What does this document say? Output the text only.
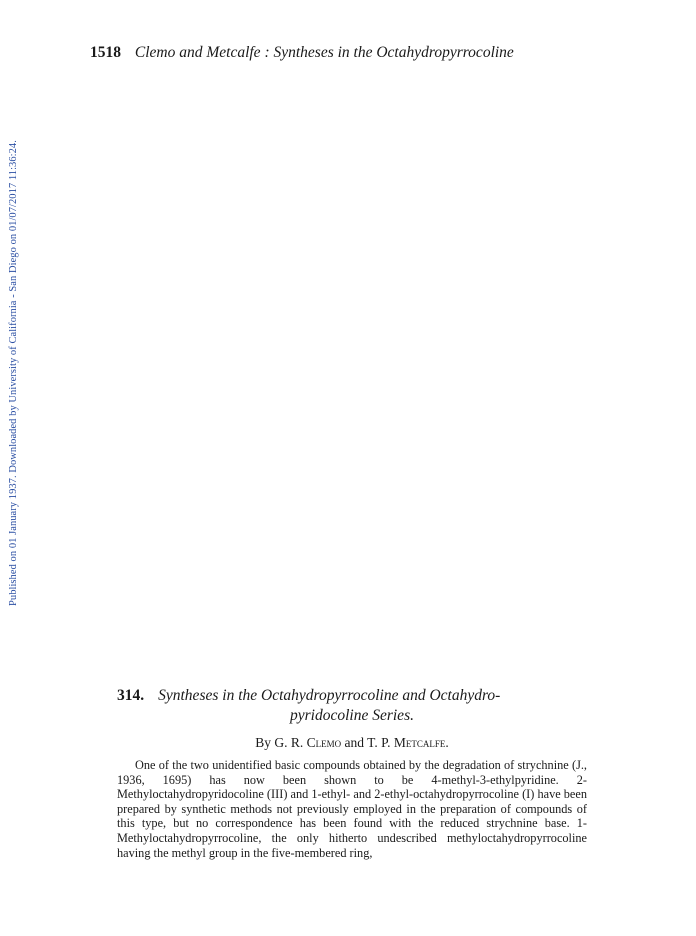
1518 Clemo and Metcalfe : Syntheses in the Octahydropyrrocoline
Published on 01 January 1937. Downloaded by University of California - San Diego on 01/07/2017 11:36:24.
314. Syntheses in the Octahydropyrrocoline and Octahydro-
pyridocoline Series.
By G. R. Clemo and T. P. Metcalfe.

One of the two unidentified basic compounds obtained by the degradation of strychnine (J., 1936, 1695) has now been shown to be 4-methyl-3-ethylpyridine. 2-Methyloctahydropyridocoline (III) and 1-ethyl- and 2-ethyl-octahydropyrrocoline (I) have been prepared by synthetic methods not previously employed in the preparation of compounds of this type, but no correspondence has been found with the reduced strychnine base. 1-Methyloctahydropyrrocoline, the only hitherto undescribed methyloctahydropyrrocoline having the methyl group in the five-membered ring,
